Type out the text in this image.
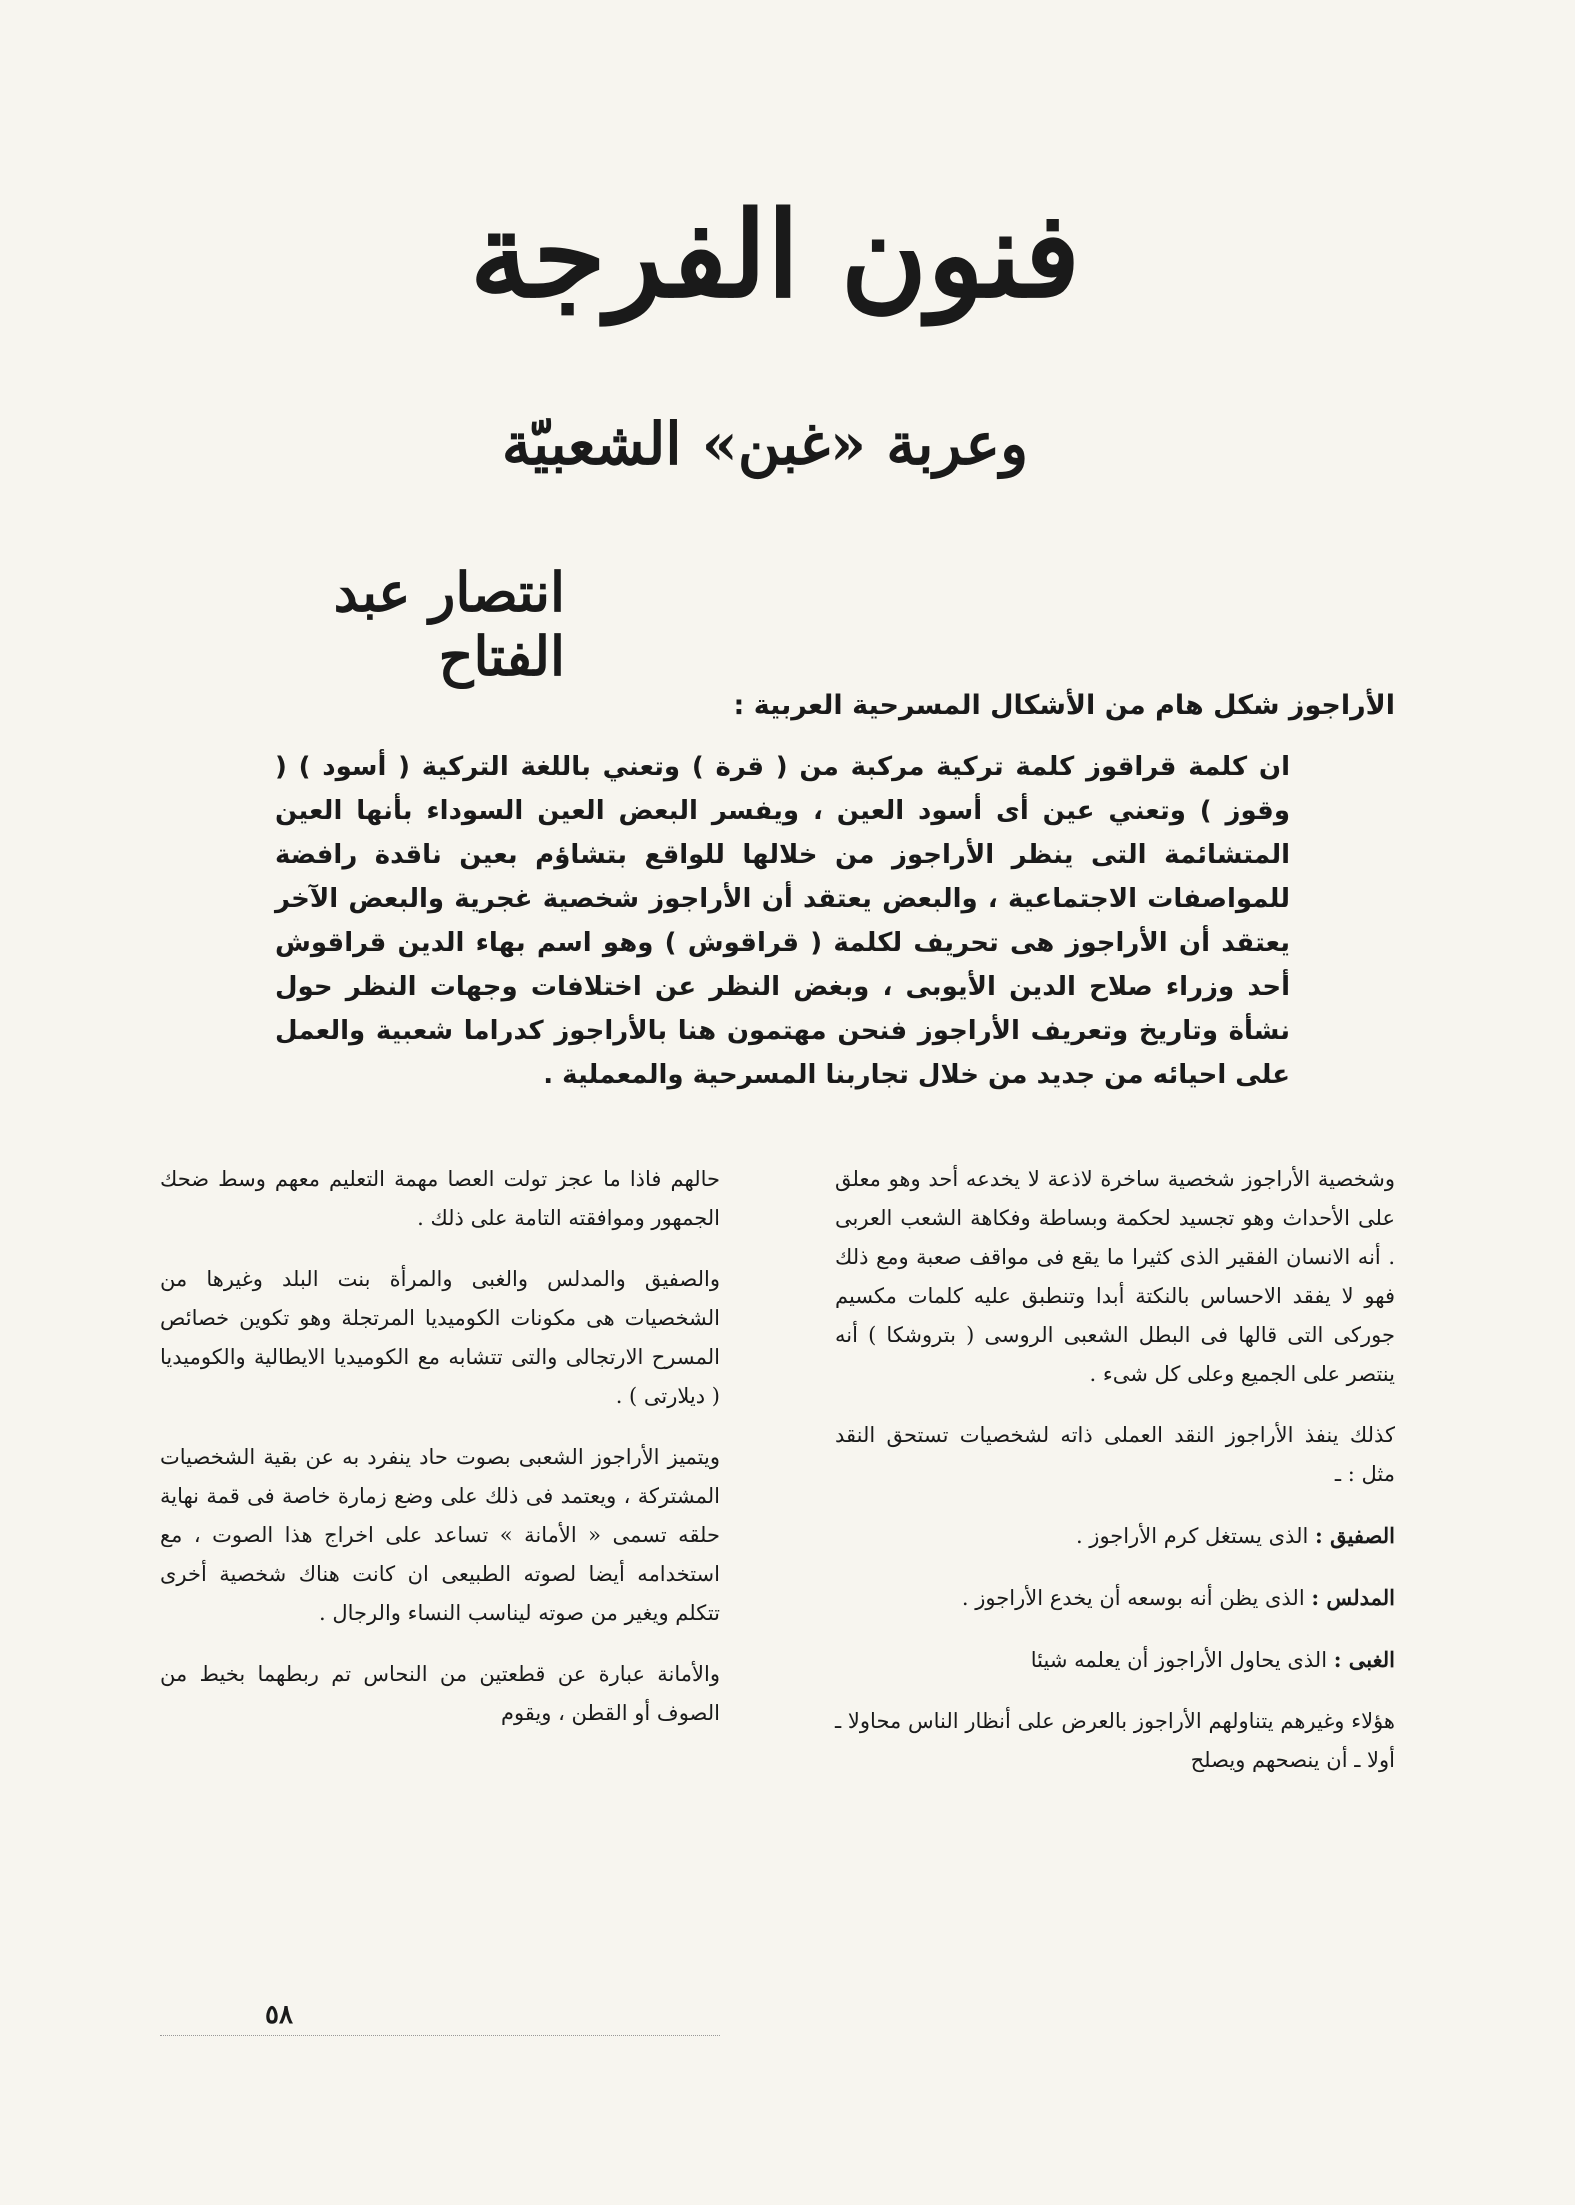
فنون الفرجة
وعربة «غبن» الشعبيّة
انتصار عبد الفتاح

الأراجوز شكل هام من الأشكال المسرحية العربية :

ان كلمة قراقوز كلمة تركية مركبة من ( قرة ) وتعني باللغة التركية ( أسود ) ( وقوز ) وتعني عين أى أسود العين ، ويفسر البعض العين السوداء بأنها العين المتشائمة التى ينظر الأراجوز من خلالها للواقع بتشاؤم بعين ناقدة رافضة للمواصفات الاجتماعية ، والبعض يعتقد أن الأراجوز شخصية غجرية والبعض الآخر يعتقد أن الأراجوز هى تحريف لكلمة ( قراقوش ) وهو اسم بهاء الدين قراقوش أحد وزراء صلاح الدين الأيوبى ، وبغض النظر عن اختلافات وجهات النظر حول نشأة وتاريخ وتعريف الأراجوز فنحن مهتمون هنا بالأراجوز كدراما شعبية والعمل على احيائه من جديد من خلال تجاربنا المسرحية والمعملية .

وشخصية الأراجوز شخصية ساخرة لاذعة لا يخدعه أحد وهو معلق على الأحداث وهو تجسيد لحكمة وبساطة وفكاهة الشعب العربى . أنه الانسان الفقير الذى كثيرا ما يقع فى مواقف صعبة ومع ذلك فهو لا يفقد الاحساس بالنكتة أبدا وتنطبق عليه كلمات مكسيم جوركى التى قالها فى البطل الشعبى الروسى ( بتروشكا ) أنه ينتصر على الجميع وعلى كل شىء .

كذلك ينفذ الأراجوز النقد العملى ذاته لشخصيات تستحق النقد مثل : ـ

الصفيق : الذى يستغل كرم الأراجوز .

المدلس : الذى يظن أنه بوسعه أن يخدع الأراجوز .

الغبى : الذى يحاول الأراجوز أن يعلمه شيئا

هؤلاء وغيرهم يتناولهم الأراجوز بالعرض على أنظار الناس محاولا ـ أولا ـ أن ينصحهم ويصلح

حالهم فاذا ما عجز تولت العصا مهمة التعليم معهم وسط ضحك الجمهور وموافقته التامة على ذلك .

والصفيق والمدلس والغبى والمرأة بنت البلد وغيرها من الشخصيات هى مكونات الكوميديا المرتجلة وهو تكوين خصائص المسرح الارتجالى والتى تتشابه مع الكوميديا الايطالية والكوميديا ( ديلارتى ) .

ويتميز الأراجوز الشعبى بصوت حاد ينفرد به عن بقية الشخصيات المشتركة ، ويعتمد فى ذلك على وضع زمارة خاصة فى قمة نهاية حلقه تسمى « الأمانة » تساعد على اخراج هذا الصوت ، مع استخدامه أيضا لصوته الطبيعى ان كانت هناك شخصية أخرى تتكلم ويغير من صوته ليناسب النساء والرجال .

والأمانة عبارة عن قطعتين من النحاس تم ربطهما بخيط من الصوف أو القطن ، ويقوم

٥٨
